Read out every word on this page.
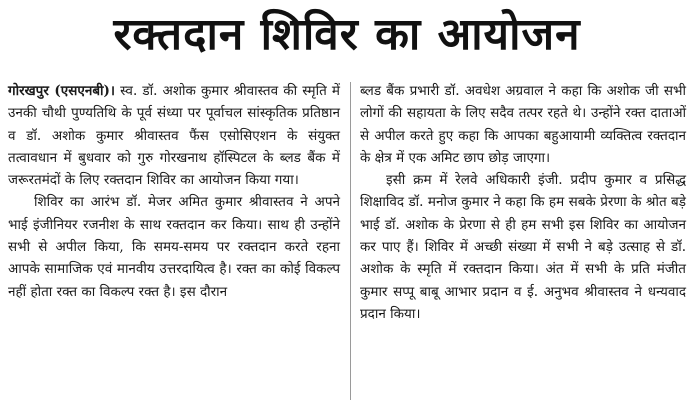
रक्तदान शिविर का आयोजन

गोरखपुर (एसएनबी)। स्व. डॉ. अशोक कुमार श्रीवास्तव की स्मृति में उनकी चौथी पुण्यतिथि के पूर्व संध्या पर पूर्वाचल सांस्कृतिक प्रतिष्ठान व डॉ. अशोक कुमार श्रीवास्तव फैंस एसोसिएशन के संयुक्त तत्वावधान में बुधवार को गुरु गोरखनाथ हॉस्पिटल के ब्लड बैंक में जरूरतमंदों के लिए रक्तदान शिविर का आयोजन किया गया।

शिविर का आरंभ डॉ. मेजर अमित कुमार श्रीवास्तव ने अपने भाई इंजीनियर रजनीश के साथ रक्तदान कर किया। साथ ही उन्होंने सभी से अपील किया, कि समय-समय पर रक्तदान करते रहना आपके सामाजिक एवं मानवीय उत्तरदायित्व है। रक्त का कोई विकल्प नहीं होता रक्त का विकल्प रक्त है। इस दौरान

ब्लड बैंक प्रभारी डॉ. अवधेश अग्रवाल ने कहा कि अशोक जी सभी लोगों की सहायता के लिए सदैव तत्पर रहते थे। उन्होंने रक्त दाताओं से अपील करते हुए कहा कि आपका बहुआयामी व्यक्तित्व रक्तदान के क्षेत्र में एक अमिट छाप छोड़ जाएगा।

इसी क्रम में रेलवे अधिकारी इंजी. प्रदीप कुमार व प्रसिद्ध शिक्षाविद डॉ. मनोज कुमार ने कहा कि हम सबके प्रेरणा के श्रोत बड़े भाई डॉ. अशोक के प्रेरणा से ही हम सभी इस शिविर का आयोजन कर पाए हैं। शिविर में अच्छी संख्या में सभी ने बड़े उत्साह से डॉ. अशोक के स्मृति में रक्तदान किया। अंत में सभी के प्रति मंजीत कुमार सप्पू बाबू आभार प्रदान व ई. अनुभव श्रीवास्तव ने धन्यवाद प्रदान किया।
